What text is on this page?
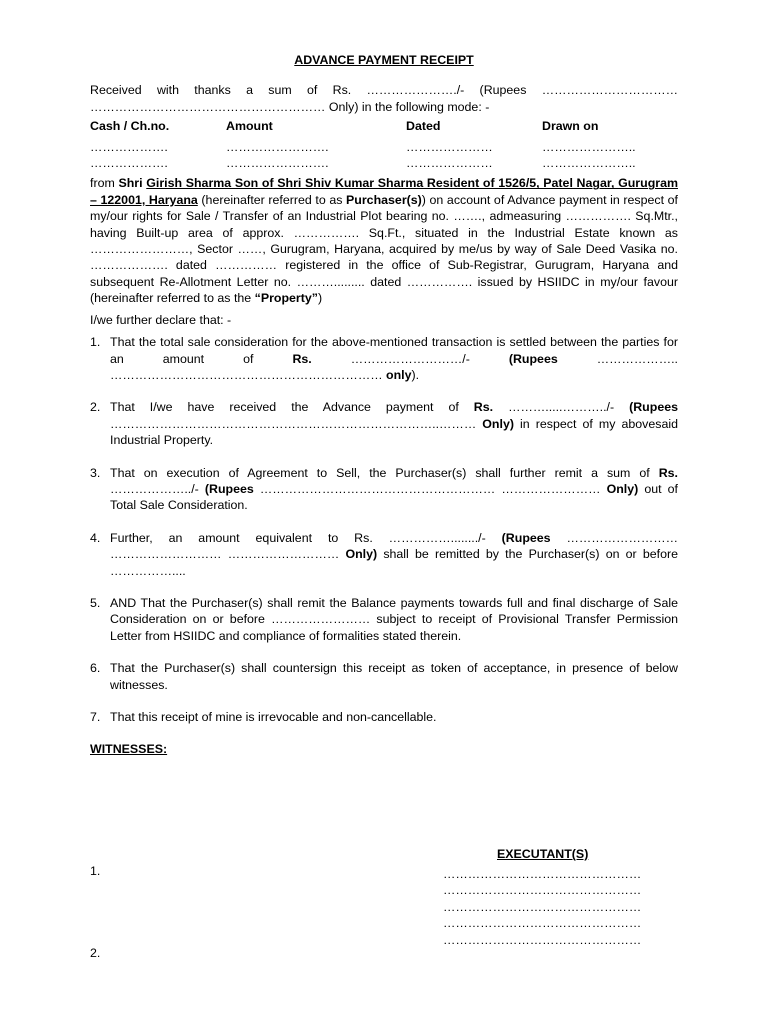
ADVANCE PAYMENT RECEIPT

Received with thanks a sum of Rs. …………………./- (Rupees …………………………… ………………………………………………… Only) in the following mode: -

Cash / Ch.no.	Amount	Dated	Drawn on
……………….	…………………….	…………………	…………………..
……………….	…………………….	…………………	…………………..

from Shri Girish Sharma Son of Shri Shiv Kumar Sharma Resident of 1526/5, Patel Nagar, Gurugram – 122001, Haryana (hereinafter referred to as Purchaser(s)) on account of Advance payment in respect of my/our rights for Sale / Transfer of an Industrial Plot bearing no. ……., admeasuring ……………. Sq.Mtr., having Built-up area of approx. ……………. Sq.Ft., situated in the Industrial Estate known as ……………………, Sector ……, Gurugram, Haryana, acquired by me/us by way of Sale Deed Vasika no. ………………. dated …………… registered in the office of Sub-Registrar, Gurugram, Haryana and subsequent Re-Allotment Letter no. ………......... dated ……………. issued by HSIIDC in my/our favour (hereinafter referred to as the “Property”)

I/we further declare that: -

1. That the total sale consideration for the above-mentioned transaction is settled between the parties for an amount of	Rs.	………………………/-	(Rupees	……………….. ………………………………………………………… only).
2. That I/we have received the Advance payment of Rs. ……….....………../- (Rupees ……………………………………………………………………..……… Only) in respect of my abovesaid Industrial Property.
3. That on execution of Agreement to Sell, the Purchaser(s) shall further remit a sum of Rs. ………………../- (Rupees ………………………………………………… …………………… Only) out of Total Sale Consideration.
4. Further, an amount equivalent to Rs. ……………......../- (Rupees ……………………… ……………………… ……………………… Only) shall be remitted by the Purchaser(s) on or before ……………....
5. AND That the Purchaser(s) shall remit the Balance payments towards full and final discharge of Sale Consideration on or before …………………… subject to receipt of Provisional Transfer Permission Letter from HSIIDC and compliance of formalities stated therein.
6. That the Purchaser(s) shall countersign this receipt as token of acceptance, in presence of below witnesses.
7. That this receipt of mine is irrevocable and non-cancellable.
WITNESSES:
EXECUTANT(S)
1.
2.
…………………………………………
…………………………………………
…………………………………………
…………………………………………
…………………………………………
